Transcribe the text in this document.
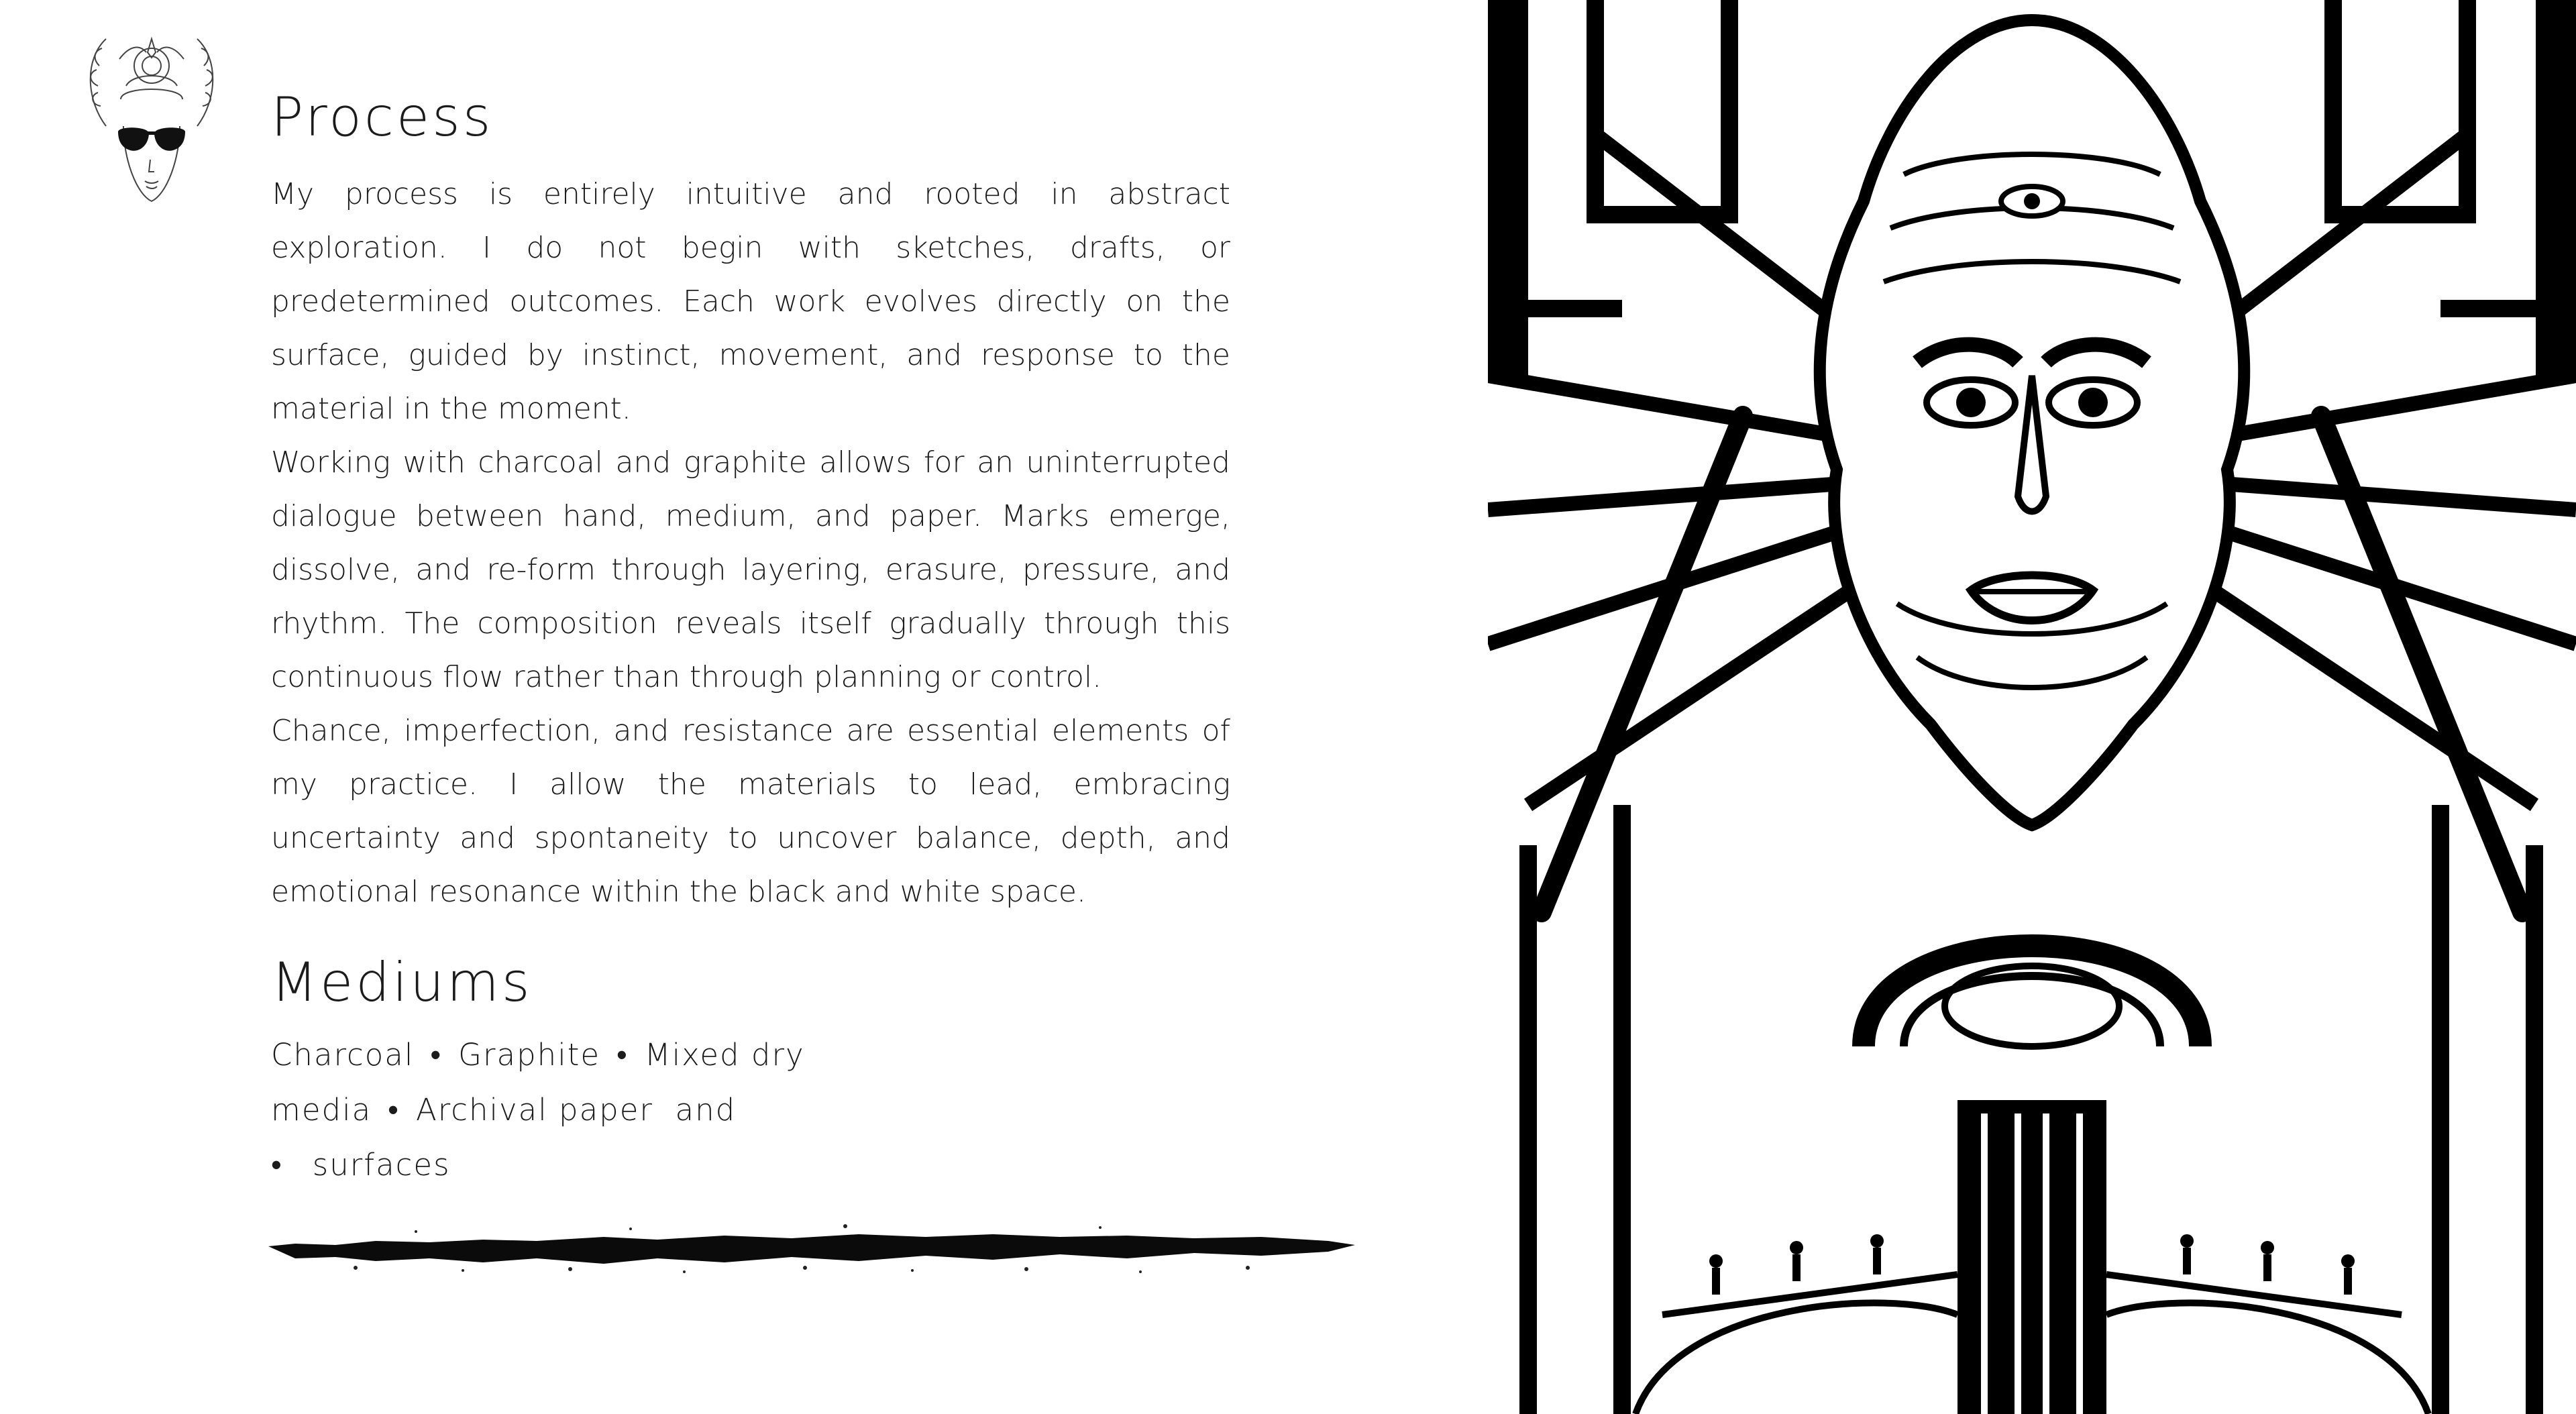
Process

My process is entirely intuitive and rooted in abstract exploration. I do not begin with sketches, drafts, or predetermined outcomes. Each work evolves directly on the surface, guided by instinct, movement, and response to the material in the moment.

Working with charcoal and graphite allows for an uninterrupted dialogue between hand, medium, and paper. Marks emerge, dissolve, and re-form through layering, erasure, pressure, and rhythm. The composition reveals itself gradually through this continuous flow rather than through planning or control.

Chance, imperfection, and resistance are essential elements of my practice. I allow the materials to lead, embracing uncertainty and spontaneity to uncover balance, depth, and emotional resonance within the black and white space.

Mediums
Charcoal • Graphite • Mixed dry media • Archival paper  and
• surfaces
